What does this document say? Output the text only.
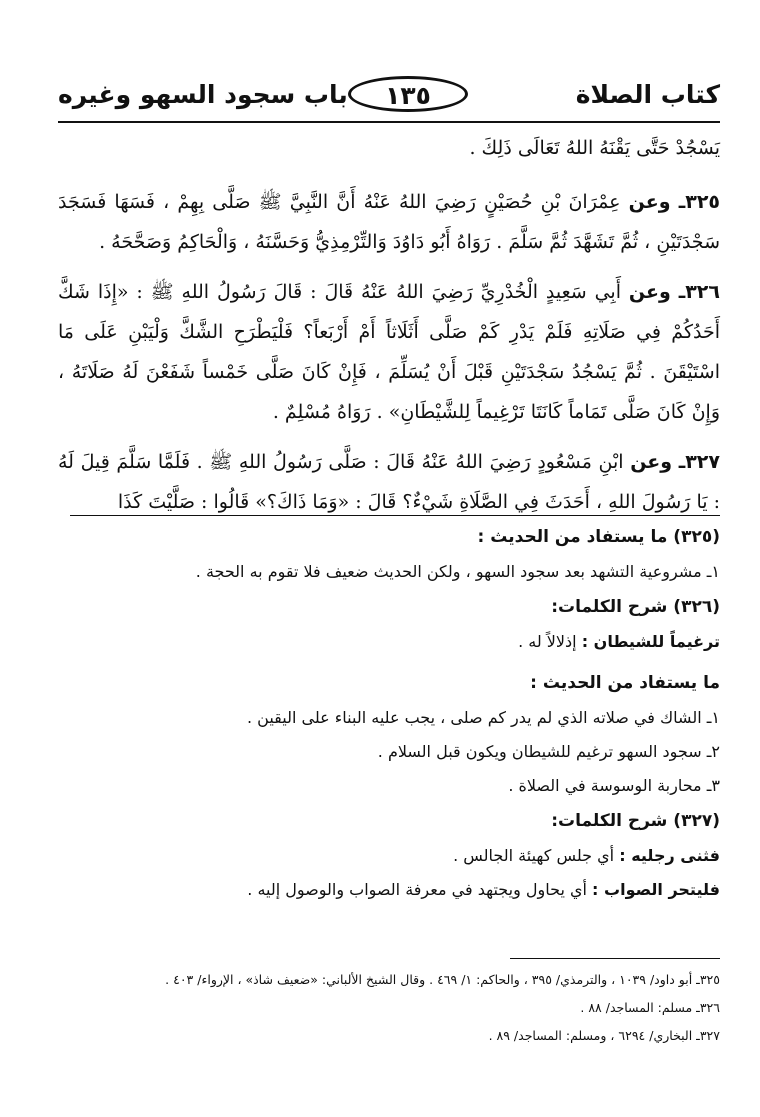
كتاب الصلاة
١٣٥
باب سجود السهو وغيره

يَسْجُدْ حَتَّى يَقْنَهُ اللهُ تَعَالَى ذَلِكَ .

٣٢٥ـ وعن عِمْرَانَ بْنِ حُصَيْنٍ رَضِيَ اللهُ عَنْهُ أَنَّ النَّبِيَّ ﷺ صَلَّى بِهِمْ ، فَسَهَا فَسَجَدَ سَجْدَتَيْنِ ، ثُمَّ تَشَهَّدَ ثُمَّ سَلَّمَ . رَوَاهُ أَبُو دَاوُدَ وَالتِّرْمِذِيُّ وَحَسَّنَهُ ، وَالْحَاكِمُ وَصَحَّحَهُ .

٣٢٦ـ وعن أَبِي سَعِيدٍ الْخُدْرِيِّ رَضِيَ اللهُ عَنْهُ قَالَ : قَالَ رَسُولُ اللهِ ﷺ : «إِذَا شَكَّ أَحَدُكُمْ فِي صَلَاتِهِ فَلَمْ يَدْرِ كَمْ صَلَّى أَثَلَاثاً أَمْ أَرْبَعاً؟ فَلْيَطْرَحِ الشَّكَّ وَلْيَبْنِ عَلَى مَا اسْتَيْقَنَ . ثُمَّ يَسْجُدُ سَجْدَتَيْنِ قَبْلَ أَنْ يُسَلِّمَ ، فَإِنْ كَانَ صَلَّى خَمْساً شَفَعْنَ لَهُ صَلَاتَهُ ، وَإِنْ كَانَ صَلَّى تَمَاماً كَانَتَا تَرْغِيماً لِلشَّيْطَانِ» . رَوَاهُ مُسْلِمٌ .

٣٢٧ـ وعن ابْنِ مَسْعُودٍ رَضِيَ اللهُ عَنْهُ قَالَ : صَلَّى رَسُولُ اللهِ ﷺ . فَلَمَّا سَلَّمَ قِيلَ لَهُ : يَا رَسُولَ اللهِ ، أَحَدَثَ فِي الصَّلَاةِ شَيْءٌ؟ قَالَ : «وَمَا ذَاكَ؟» قَالُوا : صَلَّيْتَ كَذَا

(٣٢٥) ما يستفاد من الحديث :
١ـ مشروعية التشهد بعد سجود السهو ، ولكن الحديث ضعيف فلا تقوم به الحجة .
(٣٢٦) شرح الكلمات:
ترغيماً للشيطان : إذلالاً له .
ما يستفاد من الحديث :
١ـ الشاك في صلاته الذي لم يدر كم صلى ، يجب عليه البناء على اليقين .
٢ـ سجود السهو ترغيم للشيطان ويكون قبل السلام .
٣ـ محاربة الوسوسة في الصلاة .
(٣٢٧) شرح الكلمات:
فثنى رجليه : أي جلس كهيئة الجالس .
فليتحر الصواب : أي يحاول ويجتهد في معرفة الصواب والوصول إليه .
٣٢٥ـ أبو داود/ ١٠٣٩ ، والترمذي/ ٣٩٥ ، والحاكم: ١/ ٤٦٩ . وقال الشيخ الألباني: «ضعيف شاذ» ، الإرواء/ ٤٠٣ .
٣٢٦ـ مسلم: المساجد/ ٨٨ .
٣٢٧ـ البخاري/ ٦٢٩٤ ، ومسلم: المساجد/ ٨٩ .
